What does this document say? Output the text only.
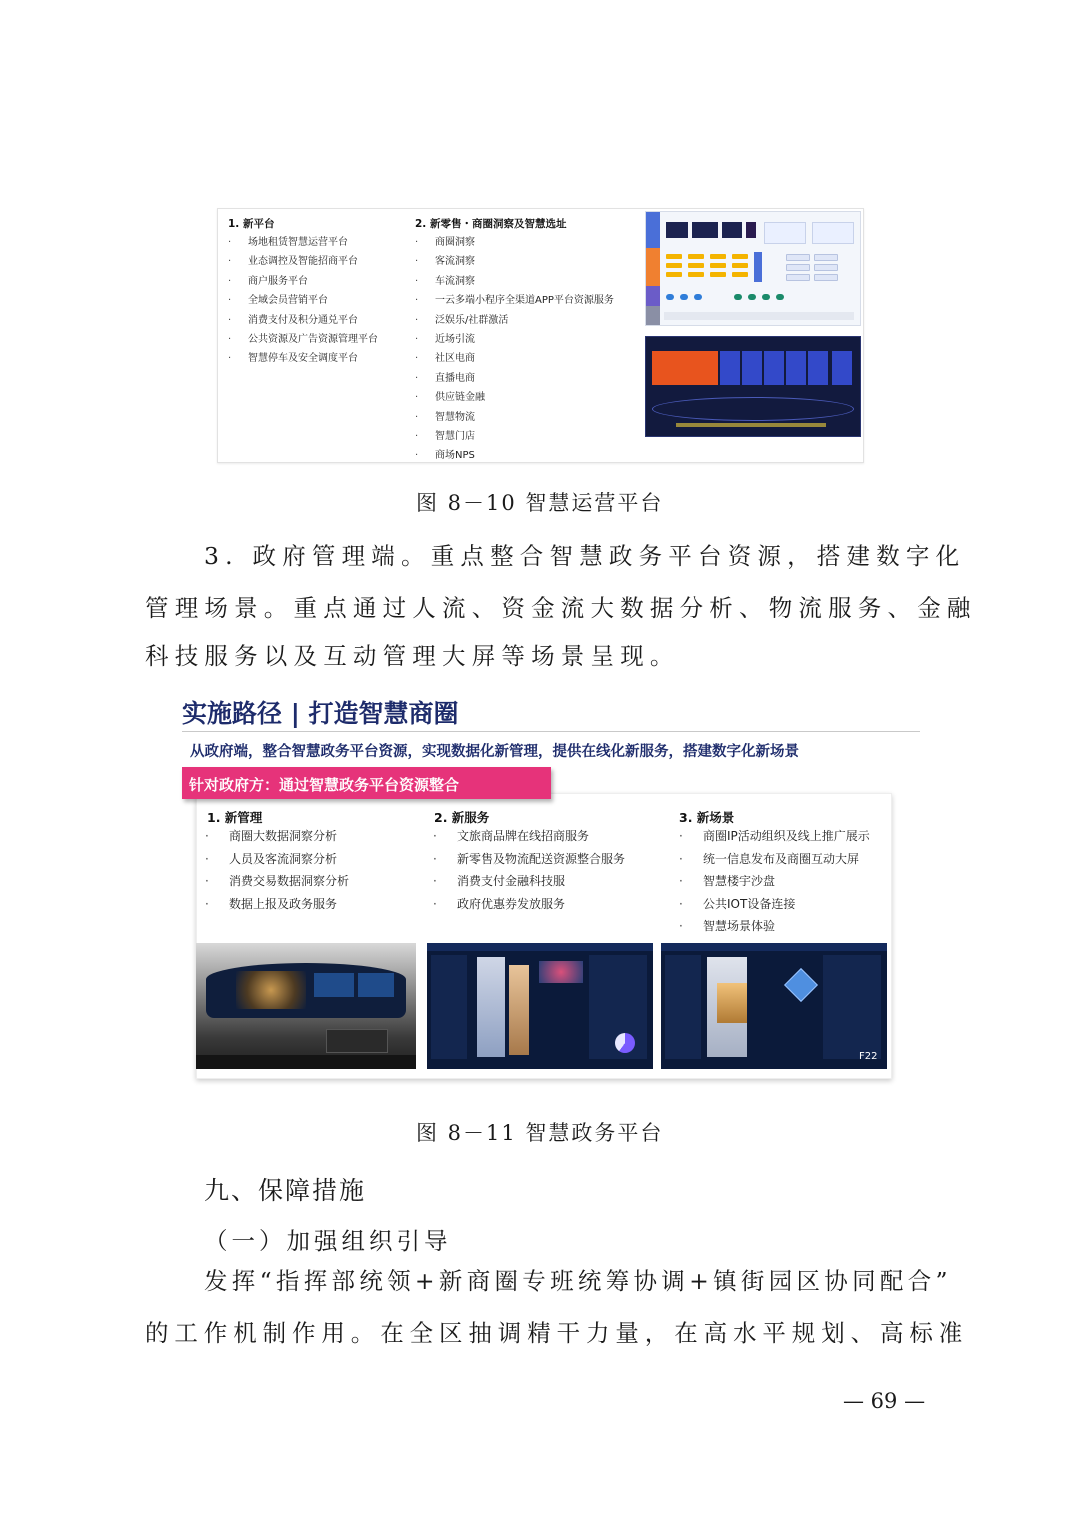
1. 新平台
· 场地租赁智慧运营平台
· 业态调控及智能招商平台
· 商户服务平台
· 全域会员营销平台
· 消费支付及积分通兑平台
· 公共资源及广告资源管理平台
· 智慧停车及安全调度平台
2. 新零售・商圈洞察及智慧选址
· 商圈洞察
· 客流洞察
· 车流洞察
· 一云多端小程序全渠道APP平台资源服务
· 泛娱乐/社群激活
· 近场引流
· 社区电商
· 直播电商
· 供应链金融
· 智慧物流
· 智慧门店
· 商场NPS
图 8－10 智慧运营平台
3. 政府管理端。重点整合智慧政务平台资源，搭建数字化
管理场景。重点通过人流、资金流大数据分析、物流服务、金融
科技服务以及互动管理大屏等场景呈现。
实施路径 | 打造智慧商圈
从政府端，整合智慧政务平台资源，实现数据化新管理，提供在线化新服务，搭建数字化新场景
1. 新管理
· 商圈大数据洞察分析
· 人员及客流洞察分析
· 消费交易数据洞察分析
· 数据上报及政务服务
2. 新服务
· 文旅商品牌在线招商服务
· 新零售及物流配送资源整合服务
· 消费支付金融科技服
· 政府优惠券发放服务
3. 新场景
· 商圈IP活动组织及线上推广展示
· 统一信息发布及商圈互动大屏
· 智慧楼宇沙盘
· 公共IOT设备连接
· 智慧场景体验
F22
针对政府方：通过智慧政务平台资源整合
图 8－11 智慧政务平台
九、保障措施
（一）加强组织引导
发挥“指挥部统领+新商圈专班统筹协调+镇街园区协同配合”
的工作机制作用。在全区抽调精干力量，在高水平规划、高标准
— 69 —
